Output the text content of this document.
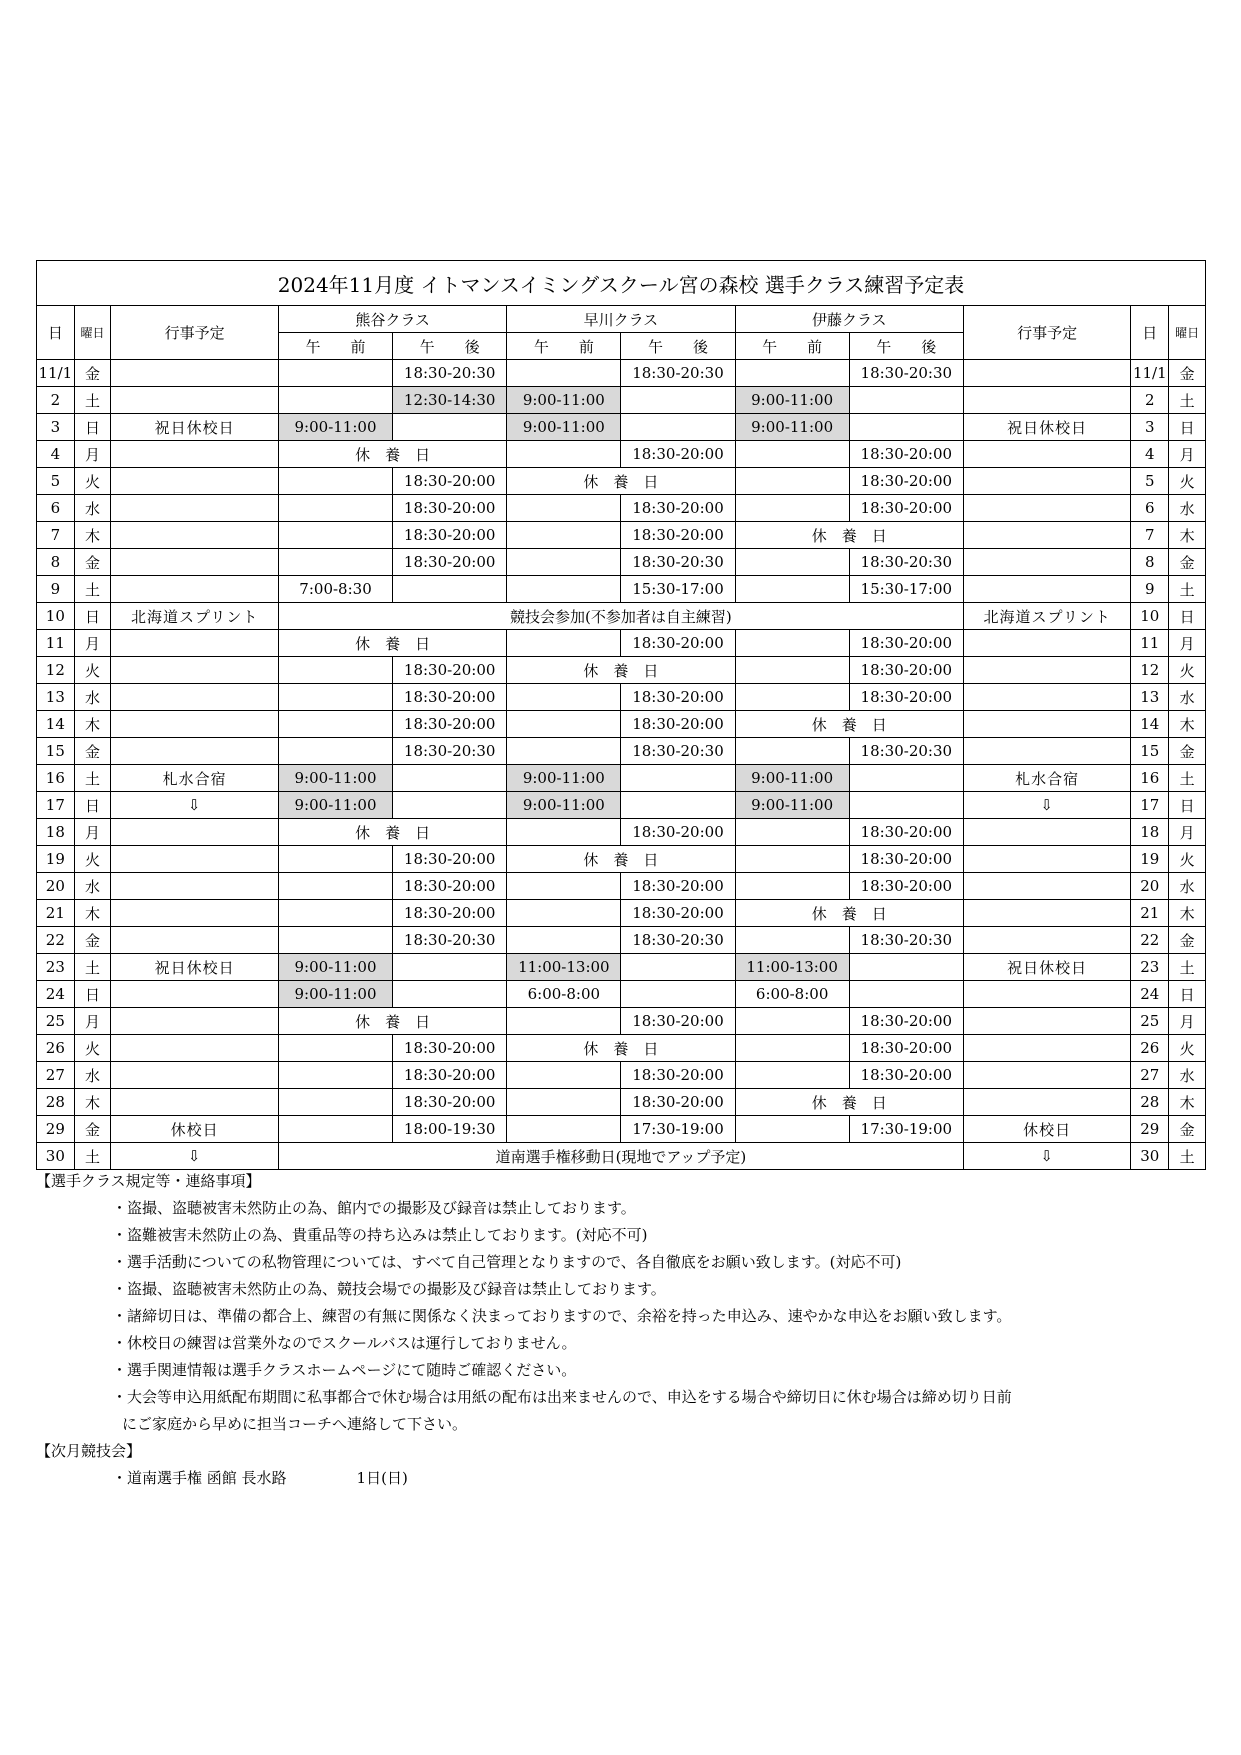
2024年11月度 イトマンスイミングスクール宮の森校 選手クラス練習予定表											
日	曜日	行事予定	熊谷クラス		早川クラス		伊藤クラス		行事予定	日	曜日
			午　　前	午　　後	午　　前	午　　後	午　　前	午　　後			
11/1	金			18:30-20:30		18:30-20:30		18:30-20:30		11/1	金
2	土			12:30-14:30	9:00-11:00		9:00-11:00			2	土
3	日	祝日休校日	9:00-11:00		9:00-11:00		9:00-11:00		祝日休校日	3	日
4	月		休　養　日			18:30-20:00		18:30-20:00		4	月
5	火			18:30-20:00	休　養　日			18:30-20:00		5	火
6	水			18:30-20:00		18:30-20:00		18:30-20:00		6	水
7	木			18:30-20:00		18:30-20:00	休　養　日			7	木
8	金			18:30-20:00		18:30-20:30		18:30-20:30		8	金
9	土		7:00-8:30			15:30-17:00		15:30-17:00		9	土
10	日	北海道スプリント	競技会参加(不参加者は自主練習)						北海道スプリント	10	日
11	月		休　養　日			18:30-20:00		18:30-20:00		11	月
12	火			18:30-20:00	休　養　日			18:30-20:00		12	火
13	水			18:30-20:00		18:30-20:00		18:30-20:00		13	水
14	木			18:30-20:00		18:30-20:00	休　養　日			14	木
15	金			18:30-20:30		18:30-20:30		18:30-20:30		15	金
16	土	札水合宿	9:00-11:00		9:00-11:00		9:00-11:00		札水合宿	16	土
17	日	⇩	9:00-11:00		9:00-11:00		9:00-11:00		⇩	17	日
18	月		休　養　日			18:30-20:00		18:30-20:00		18	月
19	火			18:30-20:00	休　養　日			18:30-20:00		19	火
20	水			18:30-20:00		18:30-20:00		18:30-20:00		20	水
21	木			18:30-20:00		18:30-20:00	休　養　日			21	木
22	金			18:30-20:30		18:30-20:30		18:30-20:30		22	金
23	土	祝日休校日	9:00-11:00		11:00-13:00		11:00-13:00		祝日休校日	23	土
24	日		9:00-11:00		6:00-8:00		6:00-8:00			24	日
25	月		休　養　日			18:30-20:00		18:30-20:00		25	月
26	火			18:30-20:00	休　養　日			18:30-20:00		26	火
27	水			18:30-20:00		18:30-20:00		18:30-20:00		27	水
28	木			18:30-20:00		18:30-20:00	休　養　日			28	木
29	金	休校日		18:00-19:30		17:30-19:00		17:30-19:00	休校日	29	金
30	土	⇩	道南選手権移動日(現地でアップ予定)						⇩	30	土
【選手クラス規定等・連絡事項】
・盗撮、盗聴被害未然防止の為、館内での撮影及び録音は禁止しております。
・盗難被害未然防止の為、貴重品等の持ち込みは禁止しております。(対応不可)
・選手活動についての私物管理については、すべて自己管理となりますので、各自徹底をお願い致します。(対応不可)
・盗撮、盗聴被害未然防止の為、競技会場での撮影及び録音は禁止しております。
・諸締切日は、準備の都合上、練習の有無に関係なく決まっておりますので、余裕を持った申込み、速やかな申込をお願い致します。
・休校日の練習は営業外なのでスクールバスは運行しておりません。
・選手関連情報は選手クラスホームページにて随時ご確認ください。
・大会等申込用紙配布期間に私事都合で休む場合は用紙の配布は出来ませんので、申込をする場合や締切日に休む場合は締め切り日前
にご家庭から早めに担当コーチへ連絡して下さい。
【次月競技会】
・道南選手権 函館 長水路	1日(日)
